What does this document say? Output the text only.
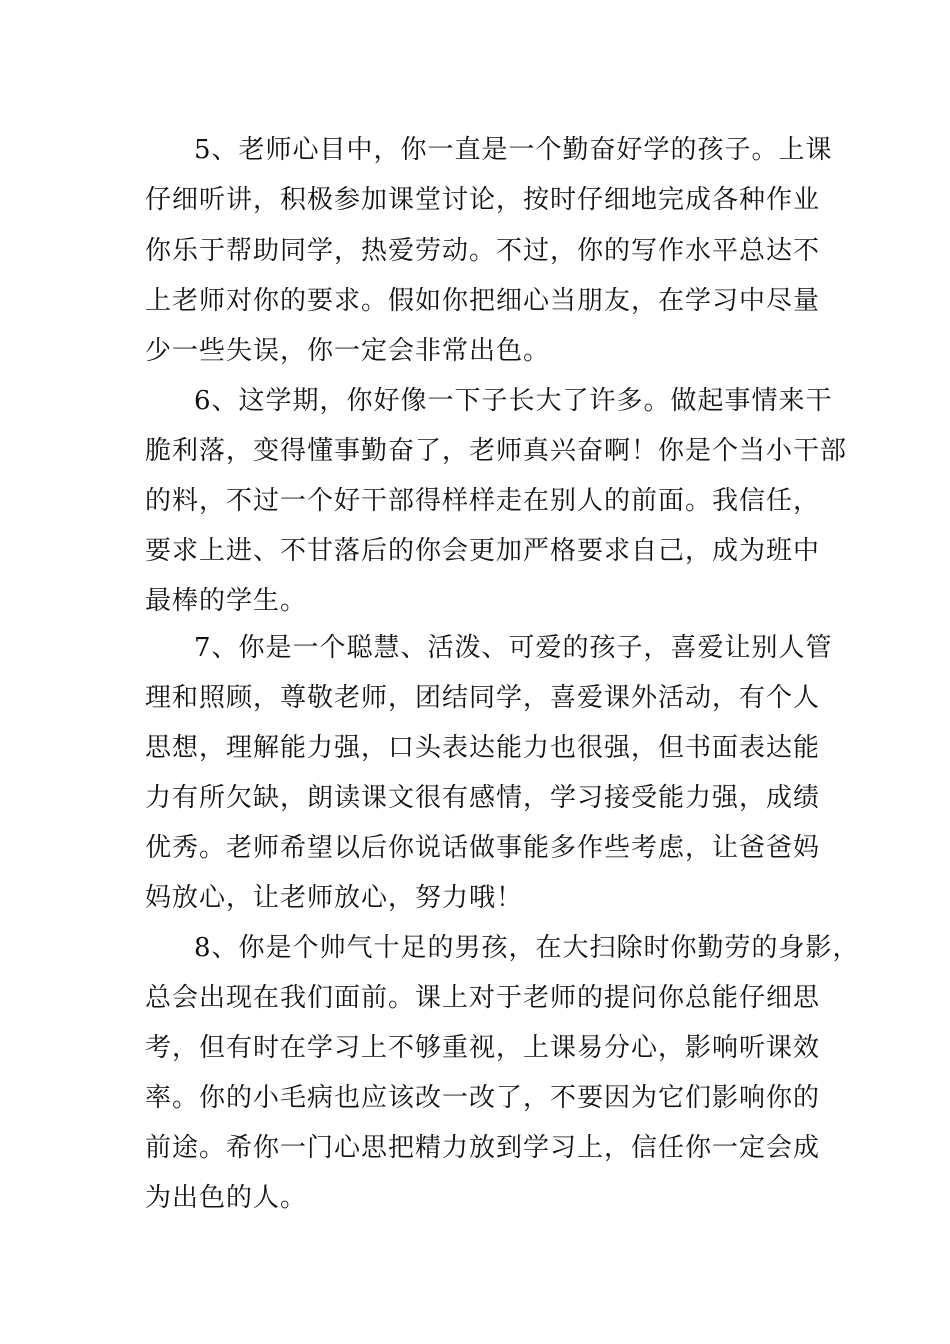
5、老师心目中，你一直是一个勤奋好学的孩子。上课
仔细听讲，积极参加课堂讨论，按时仔细地完成各种作业
你乐于帮助同学，热爱劳动。不过，你的写作水平总达不
上老师对你的要求。假如你把细心当朋友，在学习中尽量
少一些失误，你一定会非常出色。
6、这学期，你好像一下子长大了许多。做起事情来干
脆利落，变得懂事勤奋了，老师真兴奋啊！你是个当小干部
的料，不过一个好干部得样样走在别人的前面。我信任，
要求上进、不甘落后的你会更加严格要求自己，成为班中
最棒的学生。
7、你是一个聪慧、活泼、可爱的孩子，喜爱让别人管
理和照顾，尊敬老师，团结同学，喜爱课外活动，有个人
思想，理解能力强，口头表达能力也很强，但书面表达能
力有所欠缺，朗读课文很有感情，学习接受能力强，成绩
优秀。老师希望以后你说话做事能多作些考虑，让爸爸妈
妈放心，让老师放心，努力哦！
8、你是个帅气十足的男孩，在大扫除时你勤劳的身影，
总会出现在我们面前。课上对于老师的提问你总能仔细思
考，但有时在学习上不够重视，上课易分心，影响听课效
率。你的小毛病也应该改一改了，不要因为它们影响你的
前途。希你一门心思把精力放到学习上，信任你一定会成
为出色的人。
